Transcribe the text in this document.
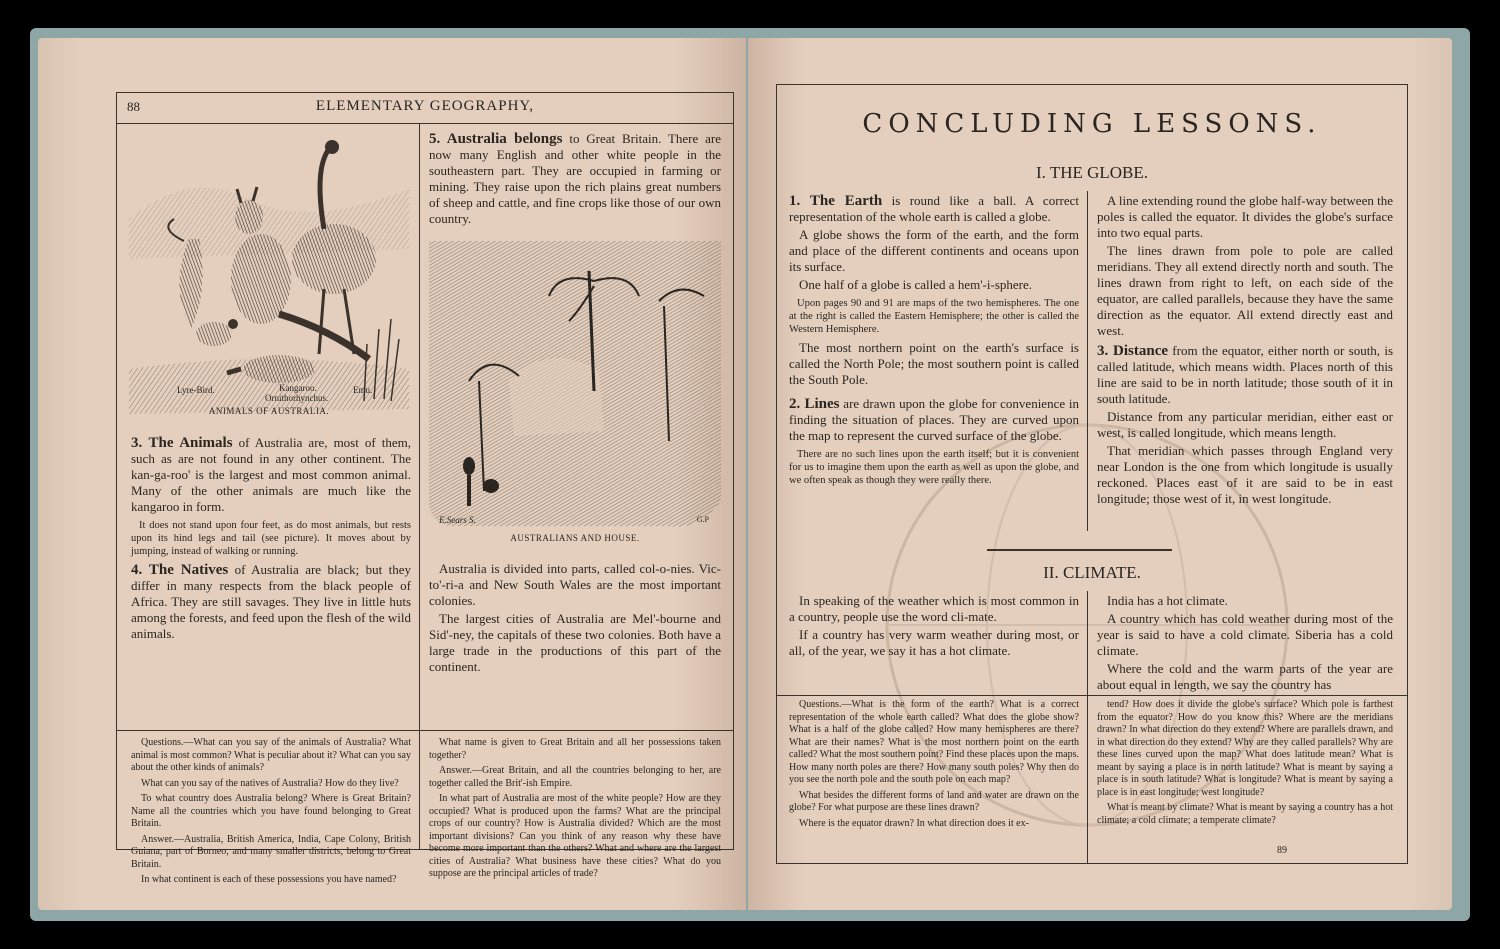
88	ELEMENTARY GEOGRAPHY,
Lyre-Bird.	Kangaroo.
Ornithorhynchus.
Emu.
ANIMALS OF AUSTRALIA.

3. The Animals of Australia are, most of them, such as are not found in any other continent. The kan-ga-roo' is the largest and most common animal. Many of the other animals are much like the kangaroo in form.

It does not stand upon four feet, as do most animals, but rests upon its hind legs and tail (see picture). It moves about by jumping, instead of walking or running.

4. The Natives of Australia are black; but they differ in many respects from the black people of Africa. They are still savages. They live in little huts among the forests, and feed upon the flesh of the wild animals.

5. Australia belongs to Great Britain. There are now many English and other white people in the southeastern part. They are occupied in farming or mining. They raise upon the rich plains great numbers of sheep and cattle, and fine crops like those of our own country.

E.Sears S.	G.P
AUSTRALIANS AND HOUSE.

Australia is divided into parts, called col-o-nies. Vic-to'-ri-a and New South Wales are the most important colonies.

The largest cities of Australia are Mel'-bourne and Sid'-ney, the capitals of these two colonies. Both have a large trade in the productions of this part of the continent.

Questions.—What can you say of the animals of Australia? What animal is most common? What is peculiar about it? What can you say about the other kinds of animals?

What can you say of the natives of Australia? How do they live?

To what country does Australia belong? Where is Great Britain? Name all the countries which you have found belonging to Great Britain.

Answer.—Australia, British America, India, Cape Colony, British Guiana, part of Borneo, and many smaller districts, belong to Great Britain.

In what continent is each of these possessions you have named?

What name is given to Great Britain and all her possessions taken together?

Answer.—Great Britain, and all the countries belonging to her, are together called the Brit'-ish Empire.

In what part of Australia are most of the white people? How are they occupied? What is produced upon the farms? What are the principal crops of our country? How is Australia divided? Which are the most important divisions? Can you think of any reason why these have become more important than the others? What and where are the largest cities of Australia? What business have these cities? What do you suppose are the principal articles of trade?

CONCLUDING LESSONS.
I. THE GLOBE.

1. The Earth is round like a ball. A correct representation of the whole earth is called a globe.

A globe shows the form of the earth, and the form and place of the different continents and oceans upon its surface.

One half of a globe is called a hem'-i-sphere.

Upon pages 90 and 91 are maps of the two hemispheres. The one at the right is called the Eastern Hemisphere; the other is called the Western Hemisphere.

The most northern point on the earth's surface is called the North Pole; the most southern point is called the South Pole.

2. Lines are drawn upon the globe for convenience in finding the situation of places. They are curved upon the map to represent the curved surface of the globe.

There are no such lines upon the earth itself; but it is convenient for us to imagine them upon the earth as well as upon the globe, and we often speak as though they were really there.

A line extending round the globe half-way between the poles is called the equator. It divides the globe's surface into two equal parts.

The lines drawn from pole to pole are called meridians. They all extend directly north and south. The lines drawn from right to left, on each side of the equator, are called parallels, because they have the same direction as the equator. All extend directly east and west.

3. Distance from the equator, either north or south, is called latitude, which means width. Places north of this line are said to be in north latitude; those south of it in south latitude.

Distance from any particular meridian, either east or west, is called longitude, which means length.

That meridian which passes through England very near London is the one from which longitude is usually reckoned. Places east of it are said to be in east longitude; those west of it, in west longitude.

II. CLIMATE.

In speaking of the weather which is most common in a country, people use the word cli-mate.

If a country has very warm weather during most, or all, of the year, we say it has a hot climate.

India has a hot climate.

A country which has cold weather during most of the year is said to have a cold climate. Siberia has a cold climate.

Where the cold and the warm parts of the year are about equal in length, we say the country has

Questions.—What is the form of the earth? What is a correct representation of the whole earth called? What does the globe show? What is a half of the globe called? How many hemispheres are there? What are their names? What is the most northern point on the earth called? What the most southern point? Find these places upon the maps. How many north poles are there? How many south poles? Why then do you see the north pole and the south pole on each map?

What besides the different forms of land and water are drawn on the globe? For what purpose are these lines drawn?

Where is the equator drawn? In what direction does it ex-

tend? How does it divide the globe's surface? Which pole is farthest from the equator? How do you know this? Where are the meridians drawn? In what direction do they extend? Where are parallels drawn, and in what direction do they extend? Why are they called parallels? Why are these lines curved upon the map? What does latitude mean? What is meant by saying a place is in north latitude? What is meant by saying a place is in south latitude? What is longitude? What is meant by saying a place is in east longitude; west longitude?

What is meant by climate? What is meant by saying a country has a hot climate; a cold climate; a temperate climate?

89
